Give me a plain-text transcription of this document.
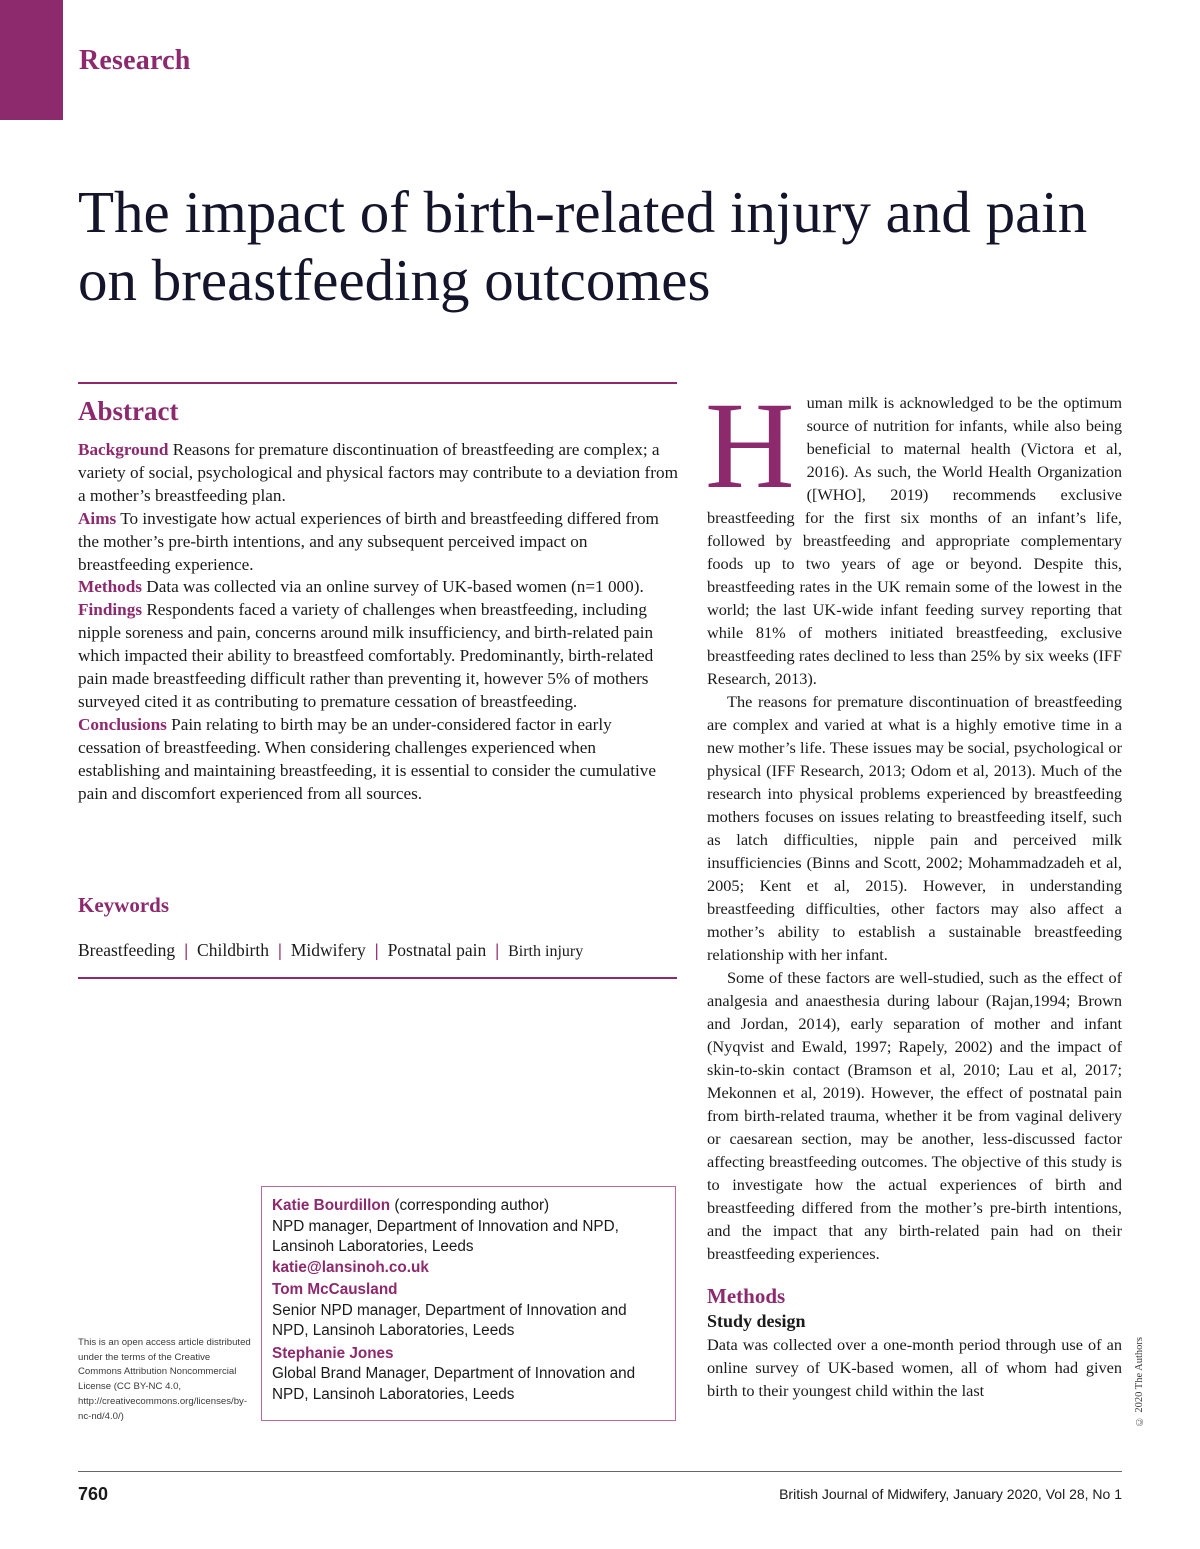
Research
The impact of birth-related injury and pain on breastfeeding outcomes
Abstract

Background Reasons for premature discontinuation of breastfeeding are complex; a variety of social, psychological and physical factors may contribute to a deviation from a mother’s breastfeeding plan.

Aims To investigate how actual experiences of birth and breastfeeding differed from the mother’s pre-birth intentions, and any subsequent perceived impact on breastfeeding experience.

Methods Data was collected via an online survey of UK-based women (n=1 000).

Findings Respondents faced a variety of challenges when breastfeeding, including nipple soreness and pain, concerns around milk insufficiency, and birth-related pain which impacted their ability to breastfeed comfortably. Predominantly, birth-related pain made breastfeeding difficult rather than preventing it, however 5% of mothers surveyed cited it as contributing to premature cessation of breastfeeding.

Conclusions Pain relating to birth may be an under-considered factor in early cessation of breastfeeding. When considering challenges experienced when establishing and maintaining breastfeeding, it is essential to consider the cumulative pain and discomfort experienced from all sources.

Keywords
Breastfeeding | Childbirth | Midwifery | Postnatal pain | Birth injury

Human milk is acknowledged to be the optimum source of nutrition for infants, while also being beneficial to maternal health (Victora et al, 2016). As such, the World Health Organization ([WHO], 2019) recommends exclusive breastfeeding for the first six months of an infant’s life, followed by breastfeeding and appropriate complementary foods up to two years of age or beyond. Despite this, breastfeeding rates in the UK remain some of the lowest in the world; the last UK-wide infant feeding survey reporting that while 81% of mothers initiated breastfeeding, exclusive breastfeeding rates declined to less than 25% by six weeks (IFF Research, 2013).

The reasons for premature discontinuation of breastfeeding are complex and varied at what is a highly emotive time in a new mother’s life. These issues may be social, psychological or physical (IFF Research, 2013; Odom et al, 2013). Much of the research into physical problems experienced by breastfeeding mothers focuses on issues relating to breastfeeding itself, such as latch difficulties, nipple pain and perceived milk insufficiencies (Binns and Scott, 2002; Mohammadzadeh et al, 2005; Kent et al, 2015). However, in understanding breastfeeding difficulties, other factors may also affect a mother’s ability to establish a sustainable breastfeeding relationship with her infant.

Some of these factors are well-studied, such as the effect of analgesia and anaesthesia during labour (Rajan,1994; Brown and Jordan, 2014), early separation of mother and infant (Nyqvist and Ewald, 1997; Rapely, 2002) and the impact of skin-to-skin contact (Bramson et al, 2010; Lau et al, 2017; Mekonnen et al, 2019). However, the effect of postnatal pain from birth-related trauma, whether it be from vaginal delivery or caesarean section, may be another, less-discussed factor affecting breastfeeding outcomes. The objective of this study is to investigate how the actual experiences of birth and breastfeeding differed from the mother’s pre-birth intentions, and the impact that any birth-related pain had on their breastfeeding experiences.

Methods
Study design

Data was collected over a one-month period through use of an online survey of UK-based women, all of whom had given birth to their youngest child within the last

Katie Bourdillon (corresponding author)
NPD manager, Department of Innovation and NPD, Lansinoh Laboratories, Leeds
katie@lansinoh.co.uk
Tom McCausland
Senior NPD manager, Department of Innovation and NPD, Lansinoh Laboratories, Leeds
Stephanie Jones
Global Brand Manager, Department of Innovation and NPD, Lansinoh Laboratories, Leeds
This is an open access article distributed under the terms of the Creative Commons Attribution Noncommercial License (CC BY-NC 4.0, http://creativecommons.org/licenses/by-nc-nd/4.0/)	© 2020 The Authors
760	British Journal of Midwifery, January 2020, Vol 28, No 1
